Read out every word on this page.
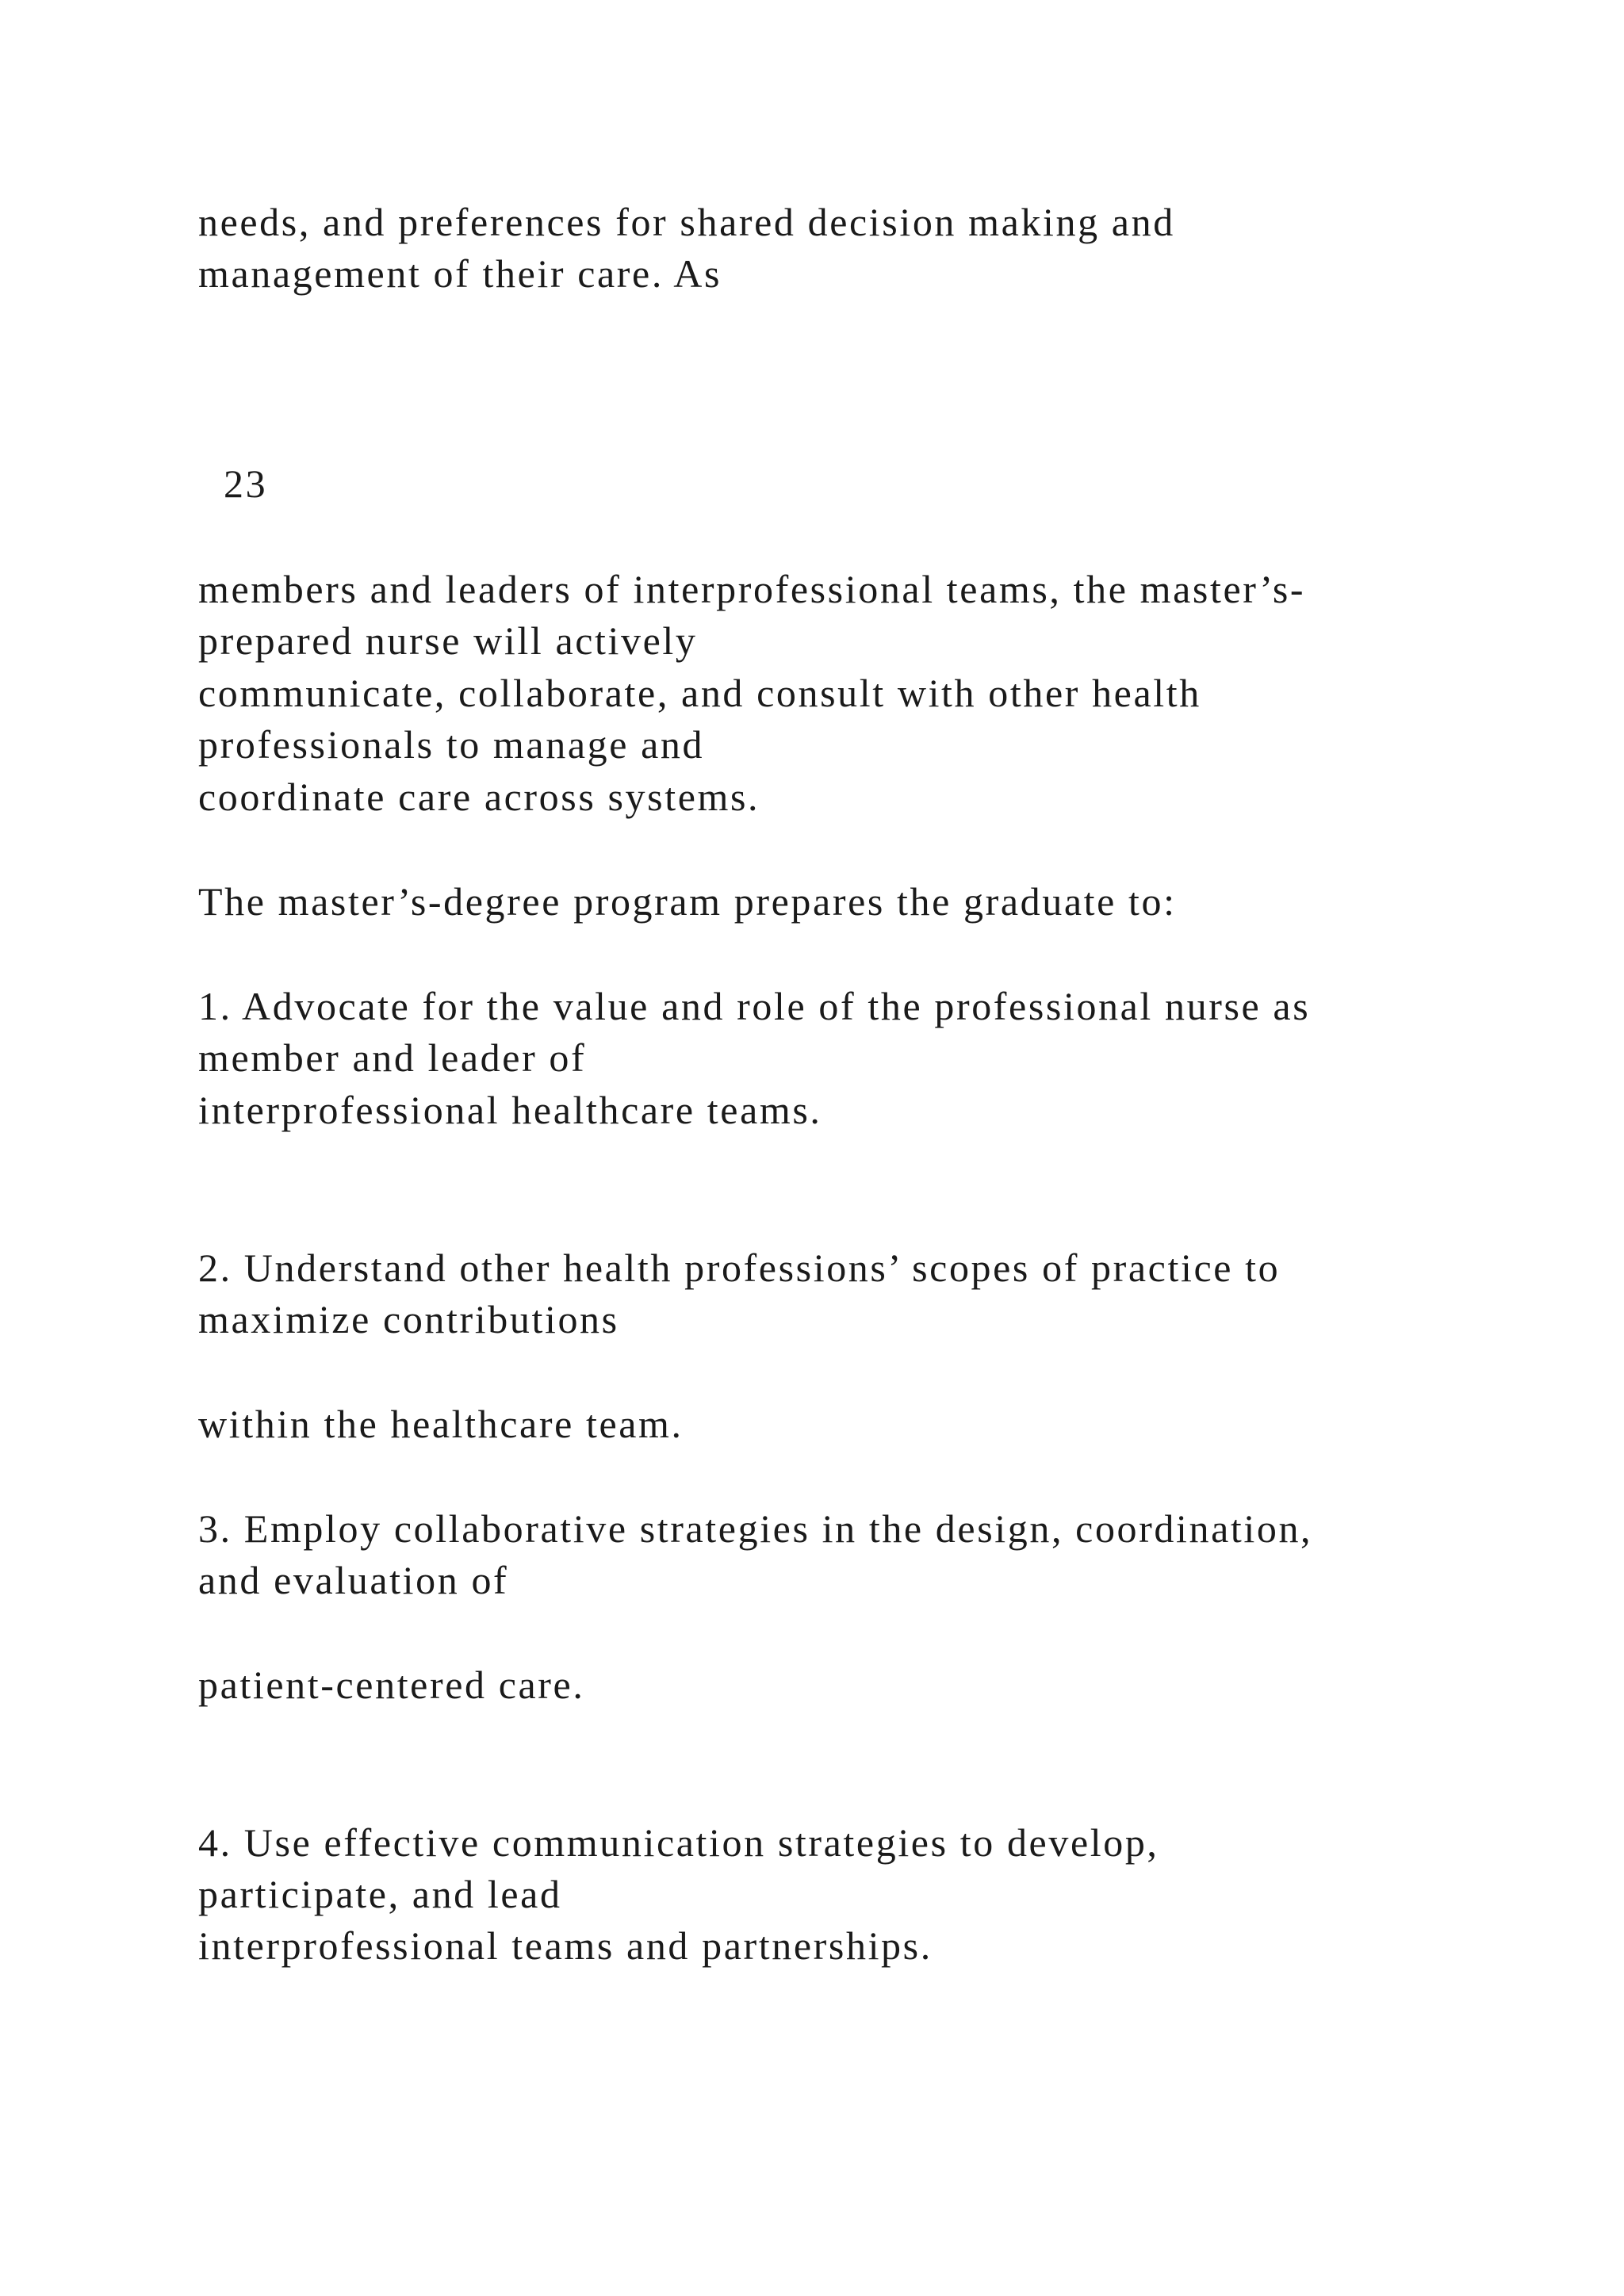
needs, and preferences for shared decision making and

management of their care. As

23

members and leaders of interprofessional teams, the master’s-

prepared nurse will actively

communicate, collaborate, and consult with other health

professionals to manage and

coordinate care across systems.

The master’s-degree program prepares the graduate to:

1. Advocate for the value and role of the professional nurse as

member and leader of

interprofessional healthcare teams.

2. Understand other health professions’ scopes of practice to

maximize contributions

within the healthcare team.

3. Employ collaborative strategies in the design, coordination,

and evaluation of

patient-centered care.

4. Use effective communication strategies to develop,

participate, and lead

interprofessional teams and partnerships.
